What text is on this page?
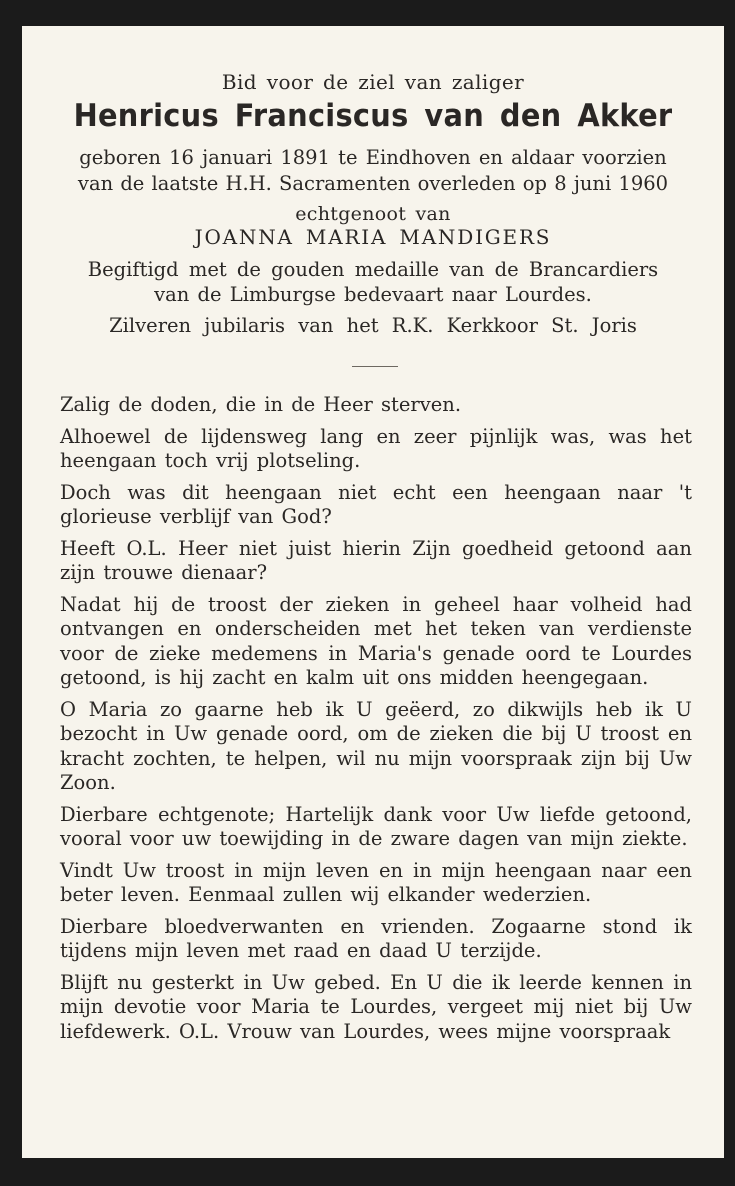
Bid voor de ziel van zaliger
Henricus Franciscus van den Akker
geboren 16 januari 1891 te Eindhoven en aldaar voorzien
van de laatste H.H. Sacramenten overleden op 8 juni 1960
echtgenoot van
JOANNA MARIA MANDIGERS
Begiftigd met de gouden medaille van de Brancardiers
van de Limburgse bedevaart naar Lourdes.
Zilveren jubilaris van het R.K. Kerkkoor St. Joris

Zalig de doden, die in de Heer sterven.

Alhoewel de lijdensweg lang en zeer pijnlijk was, was het heengaan toch vrij plotseling.

Doch was dit heengaan niet echt een heengaan naar 't glorieuse verblijf van God?

Heeft O.L. Heer niet juist hierin Zijn goedheid getoond aan zijn trouwe dienaar?

Nadat hij de troost der zieken in geheel haar volheid had ontvangen en onderscheiden met het teken van verdienste voor de zieke medemens in Maria's genade oord te Lourdes getoond, is hij zacht en kalm uit ons midden heengegaan.

O Maria zo gaarne heb ik U geëerd, zo dikwijls heb ik U bezocht in Uw genade oord, om de zieken die bij U troost en kracht zochten, te helpen, wil nu mijn voorspraak zijn bij Uw Zoon.

Dierbare echtgenote; Hartelijk dank voor Uw liefde getoond, vooral voor uw toewijding in de zware dagen van mijn ziekte.

Vindt Uw troost in mijn leven en in mijn heengaan naar een beter leven. Eenmaal zullen wij elkander wederzien.

Dierbare bloedverwanten en vrienden. Zogaarne stond ik tijdens mijn leven met raad en daad U terzijde.

Blijft nu gesterkt in Uw gebed. En U die ik leerde kennen in mijn devotie voor Maria te Lourdes, vergeet mij niet bij Uw liefdewerk. O.L. Vrouw van Lourdes, wees mijne voorspraak
